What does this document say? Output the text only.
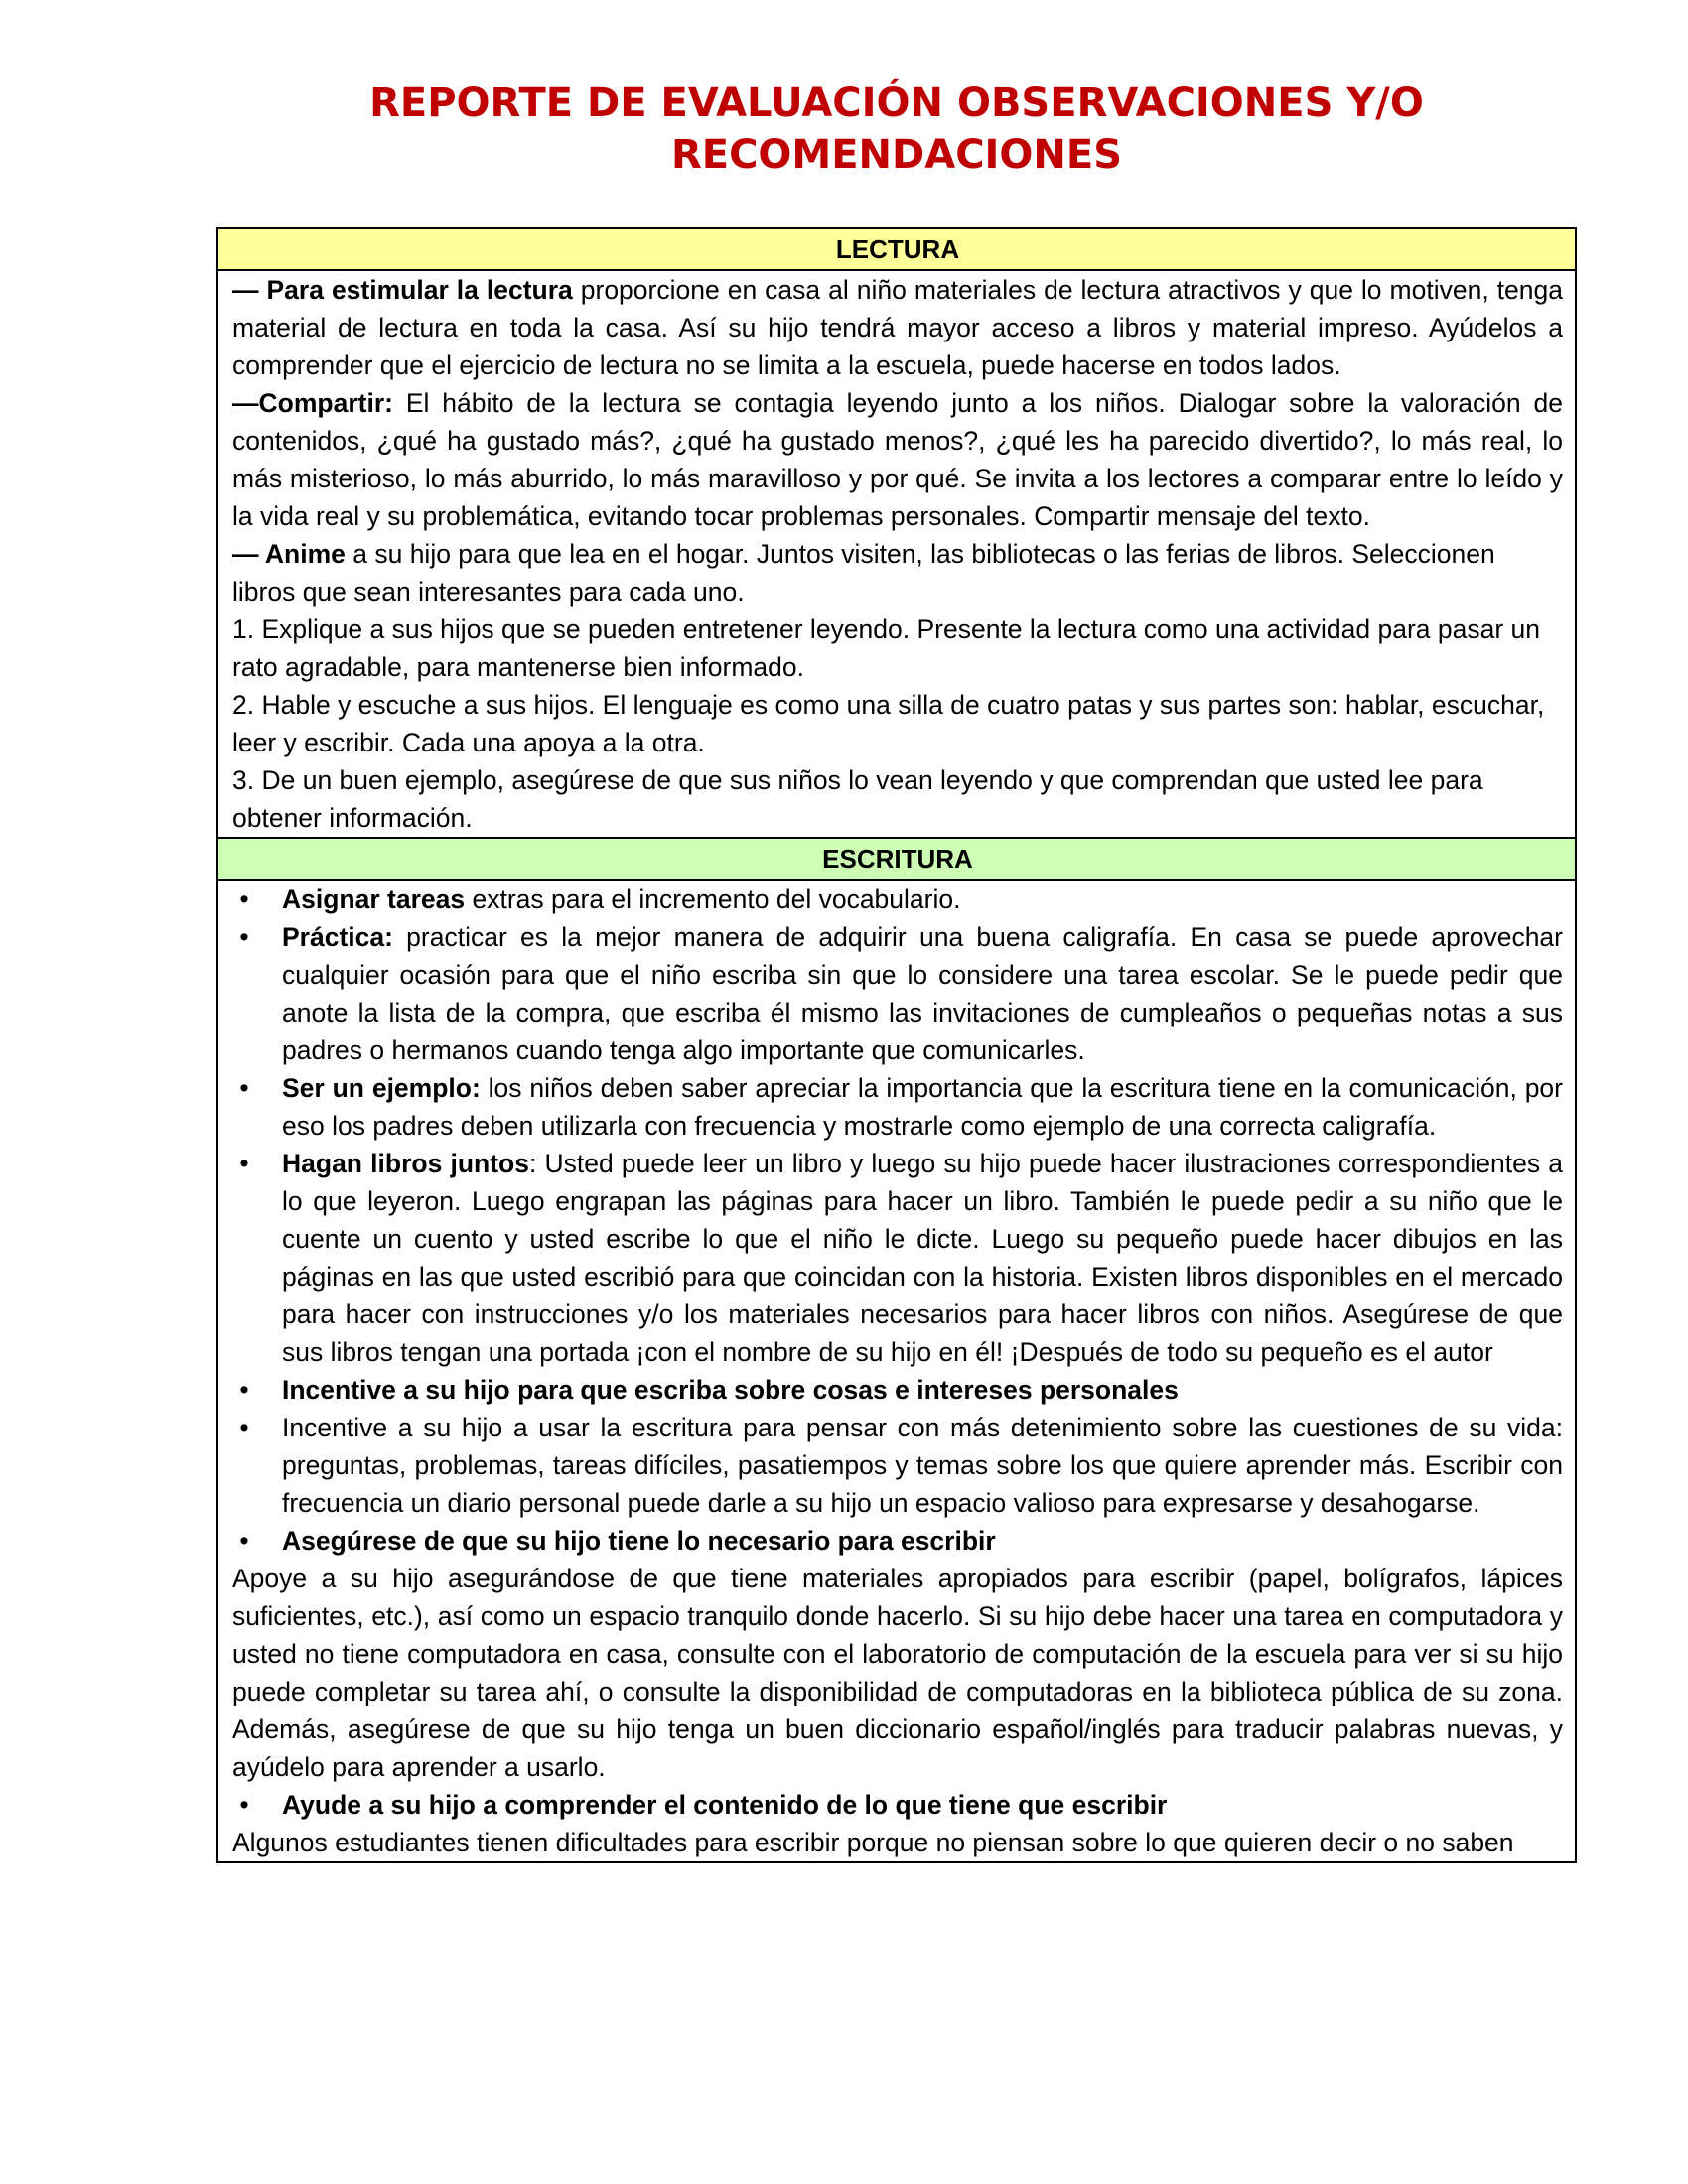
REPORTE DE EVALUACIÓN OBSERVACIONES Y/O
RECOMENDACIONES
LECTURA

— Para estimular la lectura proporcione en casa al niño materiales de lectura atractivos y que lo motiven, tenga material de lectura en toda la casa. Así su hijo tendrá mayor acceso a libros y material impreso. Ayúdelos a comprender que el ejercicio de lectura no se limita a la escuela, puede hacerse en todos lados.

—Compartir: El hábito de la lectura se contagia leyendo junto a los niños. Dialogar sobre la valoración de contenidos, ¿qué ha gustado más?, ¿qué ha gustado menos?, ¿qué les ha parecido divertido?, lo más real, lo más misterioso, lo más aburrido, lo más maravilloso y por qué. Se invita a los lectores a comparar entre lo leído y la vida real y su problemática, evitando tocar problemas personales. Compartir mensaje del texto.

— Anime a su hijo para que lea en el hogar. Juntos visiten, las bibliotecas o las ferias de libros. Seleccionen libros que sean interesantes para cada uno.

1. Explique a sus hijos que se pueden entretener leyendo. Presente la lectura como una actividad para pasar un rato agradable, para mantenerse bien informado.

2. Hable y escuche a sus hijos. El lenguaje es como una silla de cuatro patas y sus partes son: hablar, escuchar, leer y escribir. Cada una apoya a la otra.

3. De un buen ejemplo, asegúrese de que sus niños lo vean leyendo y que comprendan que usted lee para obtener información.

ESCRITURA

• Asignar tareas extras para el incremento del vocabulario.
• Práctica: practicar es la mejor manera de adquirir una buena caligrafía. En casa se puede aprovechar cualquier ocasión para que el niño escriba sin que lo considere una tarea escolar. Se le puede pedir que anote la lista de la compra, que escriba él mismo las invitaciones de cumpleaños o pequeñas notas a sus padres o hermanos cuando tenga algo importante que comunicarles.
• Ser un ejemplo: los niños deben saber apreciar la importancia que la escritura tiene en la comunicación, por eso los padres deben utilizarla con frecuencia y mostrarle como ejemplo de una correcta caligrafía.
• Hagan libros juntos: Usted puede leer un libro y luego su hijo puede hacer ilustraciones correspondientes a lo que leyeron. Luego engrapan las páginas para hacer un libro. También le puede pedir a su niño que le cuente un cuento y usted escribe lo que el niño le dicte. Luego su pequeño puede hacer dibujos en las páginas en las que usted escribió para que coincidan con la historia. Existen libros disponibles en el mercado para hacer con instrucciones y/o los materiales necesarios para hacer libros con niños. Asegúrese de que sus libros tengan una portada ¡con el nombre de su hijo en él! ¡Después de todo su pequeño es el autor
• Incentive a su hijo para que escriba sobre cosas e intereses personales
• Incentive a su hijo a usar la escritura para pensar con más detenimiento sobre las cuestiones de su vida: preguntas, problemas, tareas difíciles, pasatiempos y temas sobre los que quiere aprender más. Escribir con frecuencia un diario personal puede darle a su hijo un espacio valioso para expresarse y desahogarse.
• Asegúrese de que su hijo tiene lo necesario para escribir

Apoye a su hijo asegurándose de que tiene materiales apropiados para escribir (papel, bolígrafos, lápices suficientes, etc.), así como un espacio tranquilo donde hacerlo. Si su hijo debe hacer una tarea en computadora y usted no tiene computadora en casa, consulte con el laboratorio de computación de la escuela para ver si su hijo puede completar su tarea ahí, o consulte la disponibilidad de computadoras en la biblioteca pública de su zona. Además, asegúrese de que su hijo tenga un buen diccionario español/inglés para traducir palabras nuevas, y ayúdelo para aprender a usarlo.

• Ayude a su hijo a comprender el contenido de lo que tiene que escribir

Algunos estudiantes tienen dificultades para escribir porque no piensan sobre lo que quieren decir o no saben
